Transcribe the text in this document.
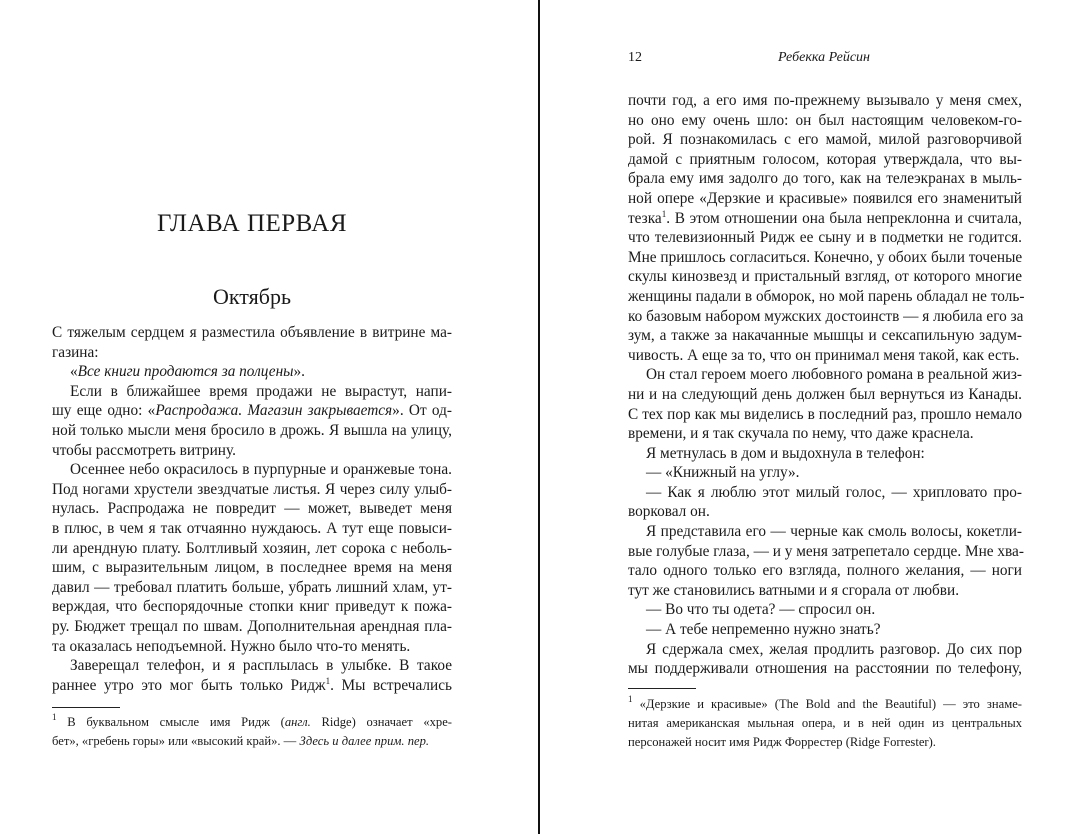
ГЛАВА ПЕРВАЯ
Октябрь
С тяжелым сердцем я разместила объявление в витрине ма-
газина:
«Все книги продаются за полцены».
Если в ближайшее время продажи не вырастут, напи-
шу еще одно: «Распродажа. Магазин закрывается». От од-
ной только мысли меня бросило в дрожь. Я вышла на улицу,
чтобы рассмотреть витрину.
Осеннее небо окрасилось в пурпурные и оранжевые тона.
Под ногами хрустели звездчатые листья. Я через силу улыб-
нулась. Распродажа не повредит — может, выведет меня
в плюс, в чем я так отчаянно нуждаюсь. А тут еще повыси-
ли арендную плату. Болтливый хозяин, лет сорока с неболь-
шим, с выразительным лицом, в последнее время на меня
давил — требовал платить больше, убрать лишний хлам, ут-
верждая, что беспорядочные стопки книг приведут к пожа-
ру. Бюджет трещал по швам. Дополнительная арендная пла-
та оказалась неподъемной. Нужно было что-то менять.
Заверещал телефон, и я расплылась в улыбке. В такое
раннее утро это мог быть только Ридж$^1$. Мы встречались
$^1$ В буквальном смысле имя Ридж (англ. Ridge) означает «хре-
бет», «гребень горы» или «высокий край». — Здесь и далее прим. пер.
12	Ребекка Рейсин
почти год, а его имя по-прежнему вызывало у меня смех,
но оно ему очень шло: он был настоящим человеком-го-
рой. Я познакомилась с его мамой, милой разговорчивой
дамой с приятным голосом, которая утверждала, что вы-
брала ему имя задолго до того, как на телеэкранах в мыль-
ной опере «Дерзкие и красивые» появился его знаменитый
тезка$^1$. В этом отношении она была непреклонна и считала,
что телевизионный Ридж ее сыну и в подметки не годится.
Мне пришлось согласиться. Конечно, у обоих были точеные
скулы кинозвезд и пристальный взгляд, от которого многие
женщины падали в обморок, но мой парень обладал не толь-
ко базовым набором мужских достоинств — я любила его за
зум, а также за накачанные мышцы и сексапильную задум-
чивость. А еще за то, что он принимал меня такой, как есть.
Он стал героем моего любовного романа в реальной жиз-
ни и на следующий день должен был вернуться из Канады.
С тех пор как мы виделись в последний раз, прошло немало
времени, и я так скучала по нему, что даже краснела.
Я метнулась в дом и выдохнула в телефон:
— «Книжный на углу».
— Как я люблю этот милый голос, — хрипловато про-
ворковал он.
Я представила его — черные как смоль волосы, кокетли-
вые голубые глаза, — и у меня затрепетало сердце. Мне хва-
тало одного только его взгляда, полного желания, — ноги
тут же становились ватными и я сгорала от любви.
— Во что ты одета? — спросил он.
— А тебе непременно нужно знать?
Я сдержала смех, желая продлить разговор. До сих пор
мы поддерживали отношения на расстоянии по телефону,
$^1$ «Дерзкие и красивые» (The Bold and the Beautiful) — это знаме-
нитая американская мыльная опера, и в ней один из центральных
персонажей носит имя Ридж Форрестер (Ridge Forrester).
